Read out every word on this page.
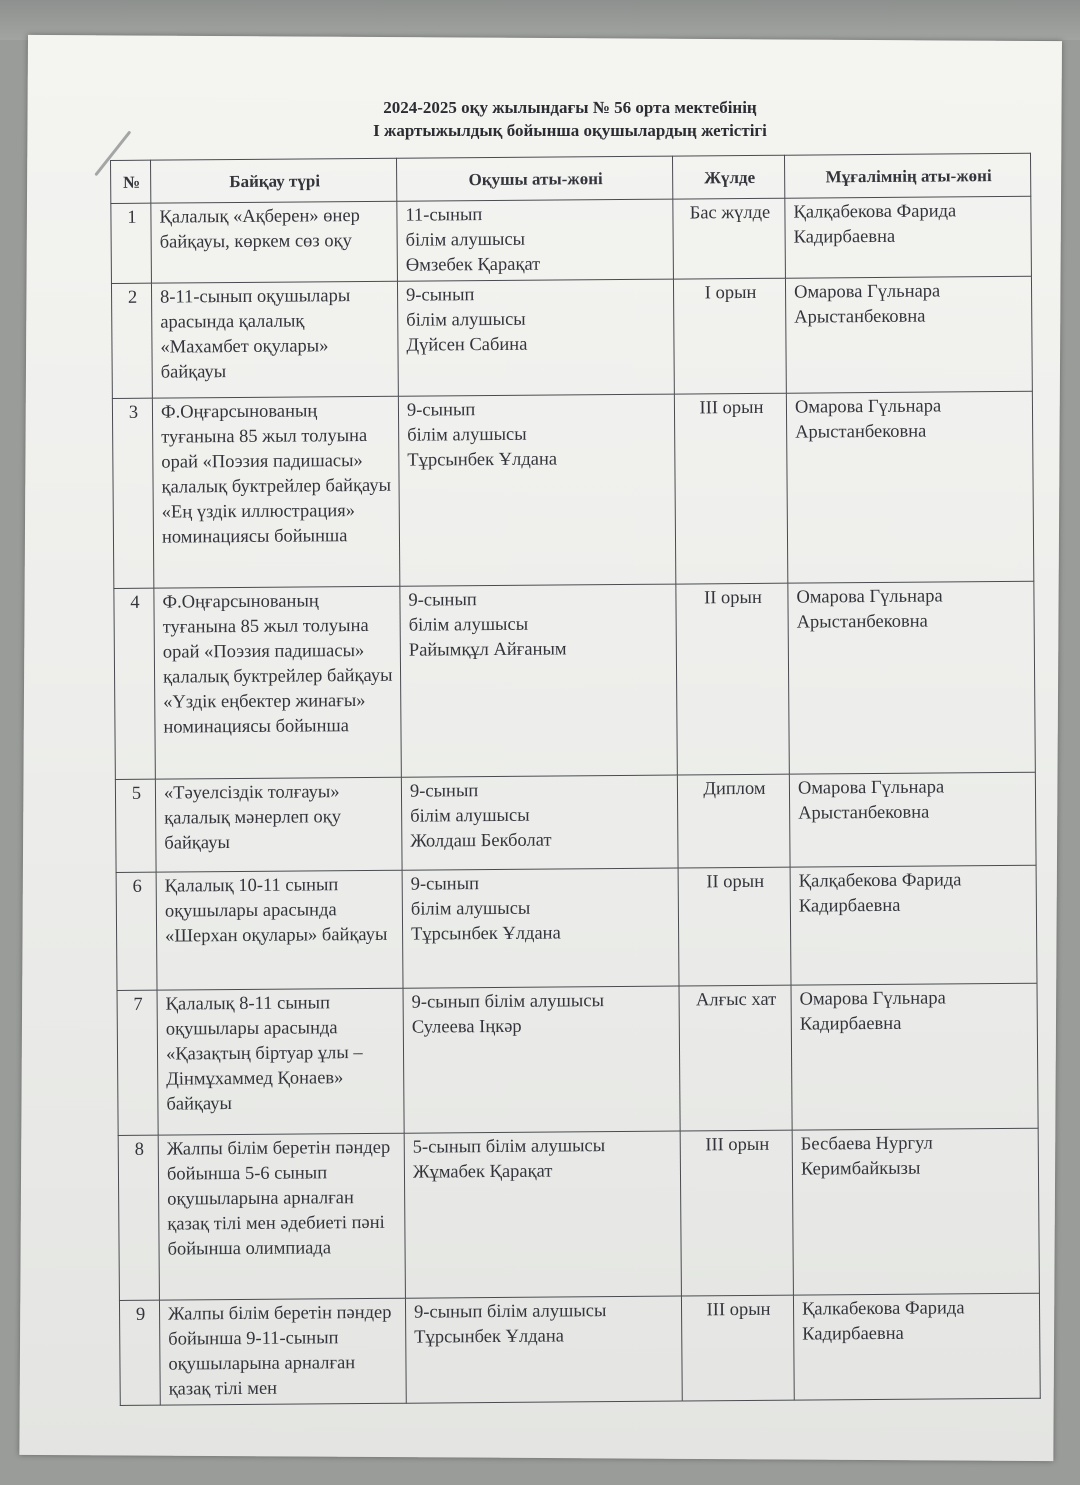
2024-2025 оқу жылындағы № 56 орта мектебінің
І жартыжылдық бойынша оқушылардың жетістігі
№	Байқау түрі	Оқушы аты-жөні	Жүлде	Мұғалімнің аты-жөні
1	Қалалық «Ақберен» өнер байқауы, көркем сөз оқу	11-сынып
білім алушысы
Өмзебек Қарақат	Бас жүлде	Қалқабекова Фарида
Кадирбаевна

2	8-11-сынып оқушылары арасында қалалық «Махамбет оқулары» байқауы	9-сынып
білім алушысы
Дүйсен Сабина	І орын	Омарова Гүльнара
Арыстанбековна

3	Ф.Оңғарсынованың туғанына 85 жыл толуына орай «Поэзия падишасы» қалалық буктрейлер байқауы «Ең үздік иллюстрация» номинациясы бойынша	9-сынып
білім алушысы
Тұрсынбек Ұлдана	ІІІ орын	Омарова Гүльнара
Арыстанбековна

4	Ф.Оңғарсынованың туғанына 85 жыл толуына орай «Поэзия падишасы» қалалық буктрейлер байқауы «Үздік еңбектер жинағы» номинациясы бойынша	9-сынып
білім алушысы
Райымқұл Айғаным	ІІ орын	Омарова Гүльнара
Арыстанбековна

5	«Тәуелсіздік толғауы» қалалық мәнерлеп оқу байқауы	9-сынып
білім алушысы
Жолдаш Бекболат	Диплом	Омарова Гүльнара
Арыстанбековна

6	Қалалық 10-11 сынып оқушылары арасында «Шерхан оқулары» байқауы	9-сынып
білім алушысы
Тұрсынбек Ұлдана	ІІ орын	Қалқабекова Фарида
Кадирбаевна

7	Қалалық 8-11 сынып оқушылары арасында «Қазақтың біртуар ұлы – Дінмұхаммед Қонаев» байқауы	9-сынып білім алушысы
Сулеева Іңкәр	Алғыс хат	Омарова Гүльнара
Кадирбаевна

8	Жалпы білім беретін пәндер бойынша 5-6 сынып оқушыларына арналған қазақ тілі мен әдебиеті пәні бойынша олимпиада	5-сынып білім алушысы
Жұмабек Қарақат	ІІІ орын	Бесбаева Нургул
Керимбайкызы

9	Жалпы білім беретін пәндер бойынша 9-11-сынып оқушыларына арналған қазақ тілі мен	9-сынып білім алушысы
Тұрсынбек Ұлдана	ІІІ орын	Қалкабекова Фарида
Кадирбаевна
